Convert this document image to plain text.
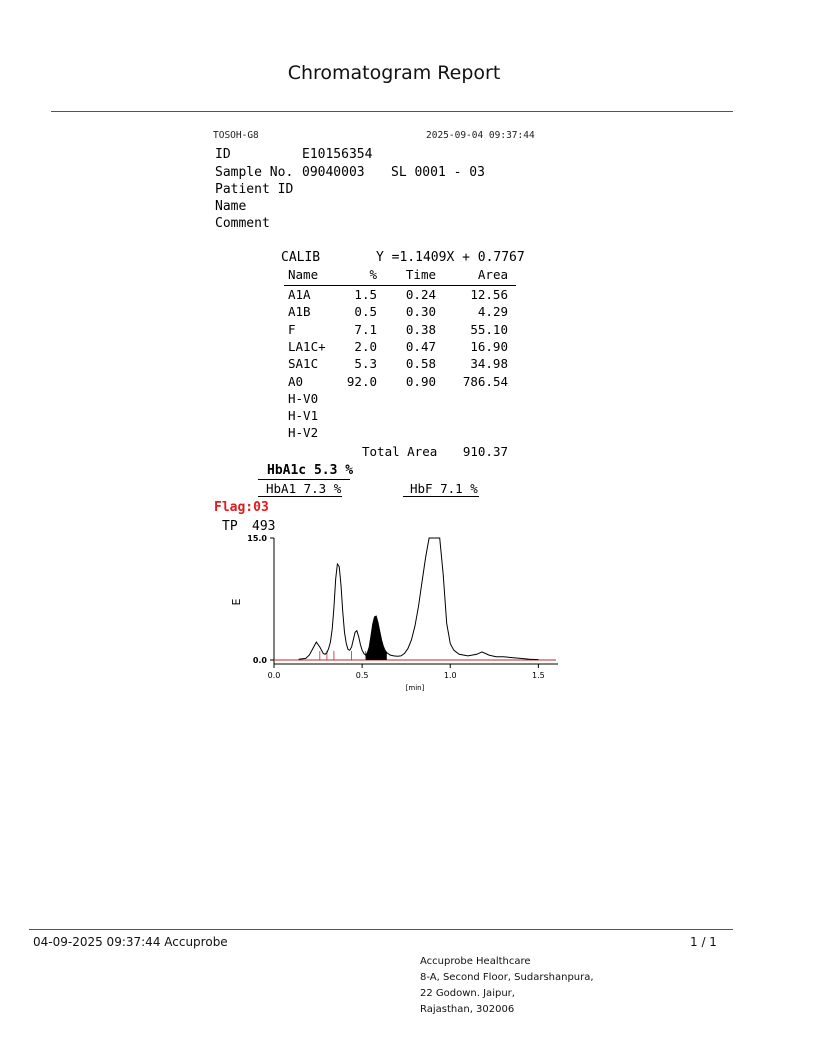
Chromatogram Report
TOSOH-G8	2025-09-04 09:37:44
ID	E10156354
Sample No. 09040003 SL 0001 - 03
Patient ID
Name
Comment
CALIB	Y =1.1409X + 0.7767
Name	% Time	Area
A1A	1.5 0.24	12.56
A1B	0.5 0.30	4.29
F	7.1 0.38	55.10
LA1C+ 2.0 0.47	16.90
SA1C	5.3 0.58	34.98
A0	92.0 0.90 786.54
H-V0
H-V1
H-V2
Total Area 910.37
HbA1c 5.3 %
HbA1 7.3 %	HbF 7.1 %
Flag:03
TP 493
15.0
0.0
0.0	0.5	1.0	1.5
[min]
E
04-09-2025 09:37:44 Accuprobe	1 / 1
Accuprobe Healthcare
8-A, Second Floor, Sudarshanpura,
22 Godown. Jaipur,
Rajasthan, 302006
